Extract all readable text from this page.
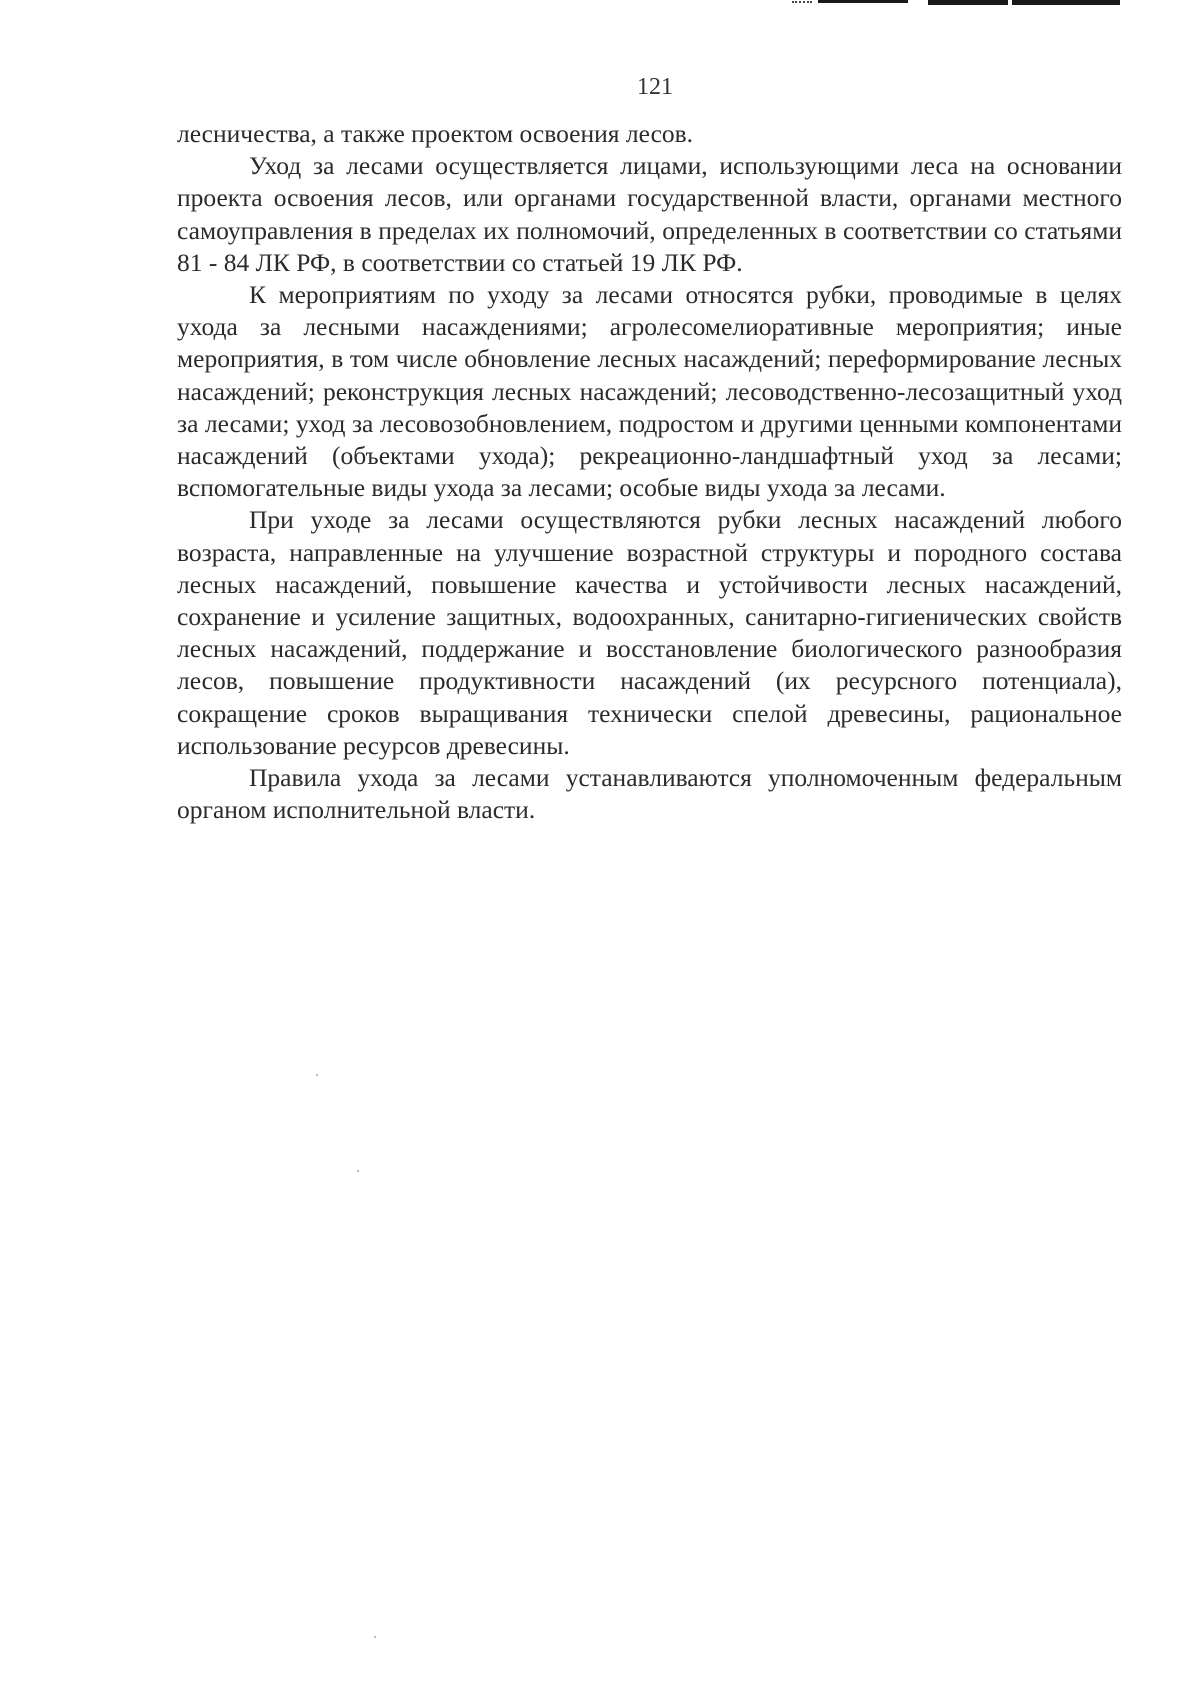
121

лесничества, а также проектом освоения лесов.

Уход за лесами осуществляется лицами, использующими леса на основании проекта освоения лесов, или органами государственной власти, органами местного самоуправления в пределах их полномочий, определенных в соответствии со статьями 81 - 84 ЛК РФ, в соответствии со статьей 19 ЛК РФ.

К мероприятиям по уходу за лесами относятся рубки, проводимые в целях ухода за лесными насаждениями; агролесомелиоративные мероприятия; иные мероприятия, в том числе обновление лесных насаждений; переформирование лесных насаждений; реконструкция лесных насаждений; лесоводственно-лесозащитный уход за лесами; уход за лесовозобновлением, подростом и другими ценными компонентами насаждений (объектами ухода); рекреационно-ландшафтный уход за лесами; вспомогательные виды ухода за лесами; особые виды ухода за лесами.

При уходе за лесами осуществляются рубки лесных насаждений любого возраста, направленные на улучшение возрастной структуры и породного состава лесных насаждений, повышение качества и устойчивости лесных насаждений, сохранение и усиление защитных, водоохранных, санитарно-гигиенических свойств лесных насаждений, поддержание и восстановление биологического разнообразия лесов, повышение продуктивности насаждений (их ресурсного потенциала), сокращение сроков выращивания технически спелой древесины, рациональное использование ресурсов древесины.

Правила ухода за лесами устанавливаются уполномоченным федеральным органом исполнительной власти.
